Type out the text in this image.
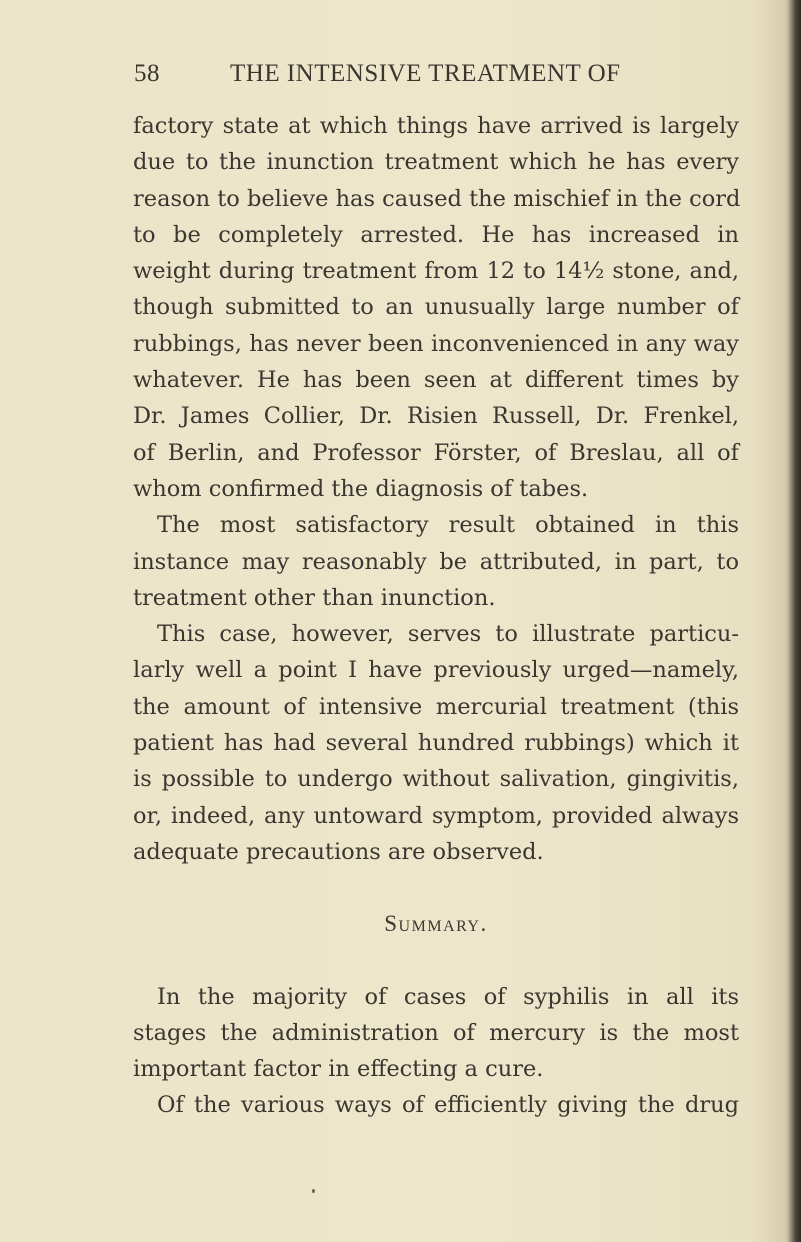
58	THE INTENSIVE TREATMENT OF
factory state at which things have arrived is largely
due to the inunction treatment which he has every
reason to believe has caused the mischief in the cord
to be completely arrested. He has increased in
weight during treatment from 12 to 14½ stone, and,
though submitted to an unusually large number of
rubbings, has never been inconvenienced in any way
whatever. He has been seen at different times by
Dr. James Collier, Dr. Risien Russell, Dr. Frenkel,
of Berlin, and Professor Förster, of Breslau, all of
whom confirmed the diagnosis of tabes.
The most satisfactory result obtained in this
instance may reasonably be attributed, in part, to
treatment other than inunction.
This case, however, serves to illustrate particu-
larly well a point I have previously urged—namely,
the amount of intensive mercurial treatment (this
patient has had several hundred rubbings) which it
is possible to undergo without salivation, gingivitis,
or, indeed, any untoward symptom, provided always
adequate precautions are observed.
Summary.
In the majority of cases of syphilis in all its
stages the administration of mercury is the most
important factor in effecting a cure.
Of the various ways of efficiently giving the drug
